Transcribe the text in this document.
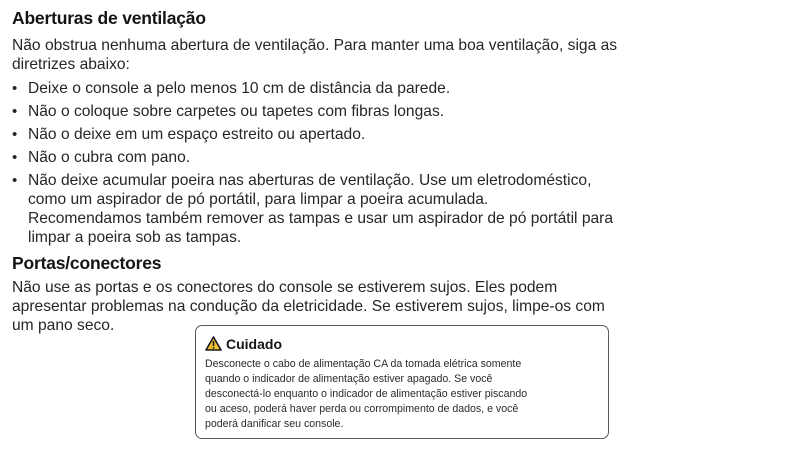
Aberturas de ventilação

Não obstrua nenhuma abertura de ventilação. Para manter uma boa ventilação, siga as

diretrizes abaixo:

• Deixe o console a pelo menos 10 cm de distância da parede.
• Não o coloque sobre carpetes ou tapetes com fibras longas.
• Não o deixe em um espaço estreito ou apertado.
• Não o cubra com pano.
• Não deixe acumular poeira nas aberturas de ventilação. Use um eletrodoméstico,
como um aspirador de pó portátil, para limpar a poeira acumulada.
Recomendamos também remover as tampas e usar um aspirador de pó portátil para
limpar a poeira sob as tampas.
Portas/conectores

Não use as portas e os conectores do console se estiverem sujos. Eles podem

apresentar problemas na condução da eletricidade. Se estiverem sujos, limpe-os com

um pano seco.

Cuidado
Desconecte o cabo de alimentação CA da tomada elétrica somente
quando o indicador de alimentação estiver apagado. Se você
desconectá-lo enquanto o indicador de alimentação estiver piscando
ou aceso, poderá haver perda ou corrompimento de dados, e você
poderá danificar seu console.
